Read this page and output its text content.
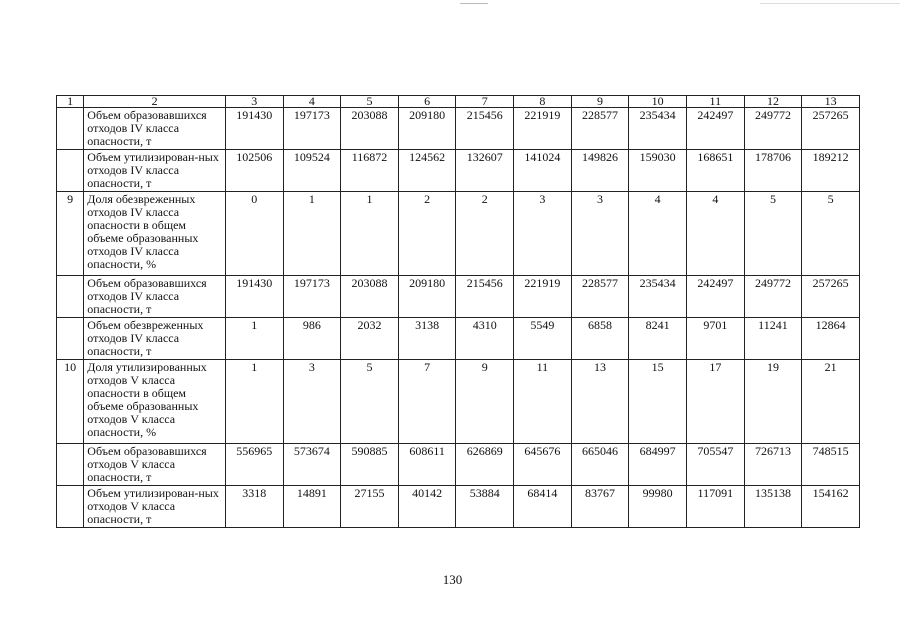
1	2	3	4	5	6	7	8	9	10	11	12	13
	Объем образовавшихся отходов IV класса опасности, т	191430	197173	203088	209180	215456	221919	228577	235434	242497	249772	257265
	Объем утилизирован-ных отходов IV класса опасности, т	102506	109524	116872	124562	132607	141024	149826	159030	168651	178706	189212
9	Доля обезвреженных отходов IV класса опасности в общем объеме образованных отходов IV класса опасности, %	0	1	1	2	2	3	3	4	4	5	5
	Объем образовавшихся отходов IV класса опасности, т	191430	197173	203088	209180	215456	221919	228577	235434	242497	249772	257265
	Объем обезвреженных отходов IV класса опасности, т	1	986	2032	3138	4310	5549	6858	8241	9701	11241	12864
10	Доля утилизированных отходов V класса опасности в общем объеме образованных отходов V класса опасности, %	1	3	5	7	9	11	13	15	17	19	21
	Объем образовавшихся отходов V класса опасности, т	556965	573674	590885	608611	626869	645676	665046	684997	705547	726713	748515
	Объем утилизирован-ных отходов V класса опасности, т	3318	14891	27155	40142	53884	68414	83767	99980	117091	135138	154162
130
